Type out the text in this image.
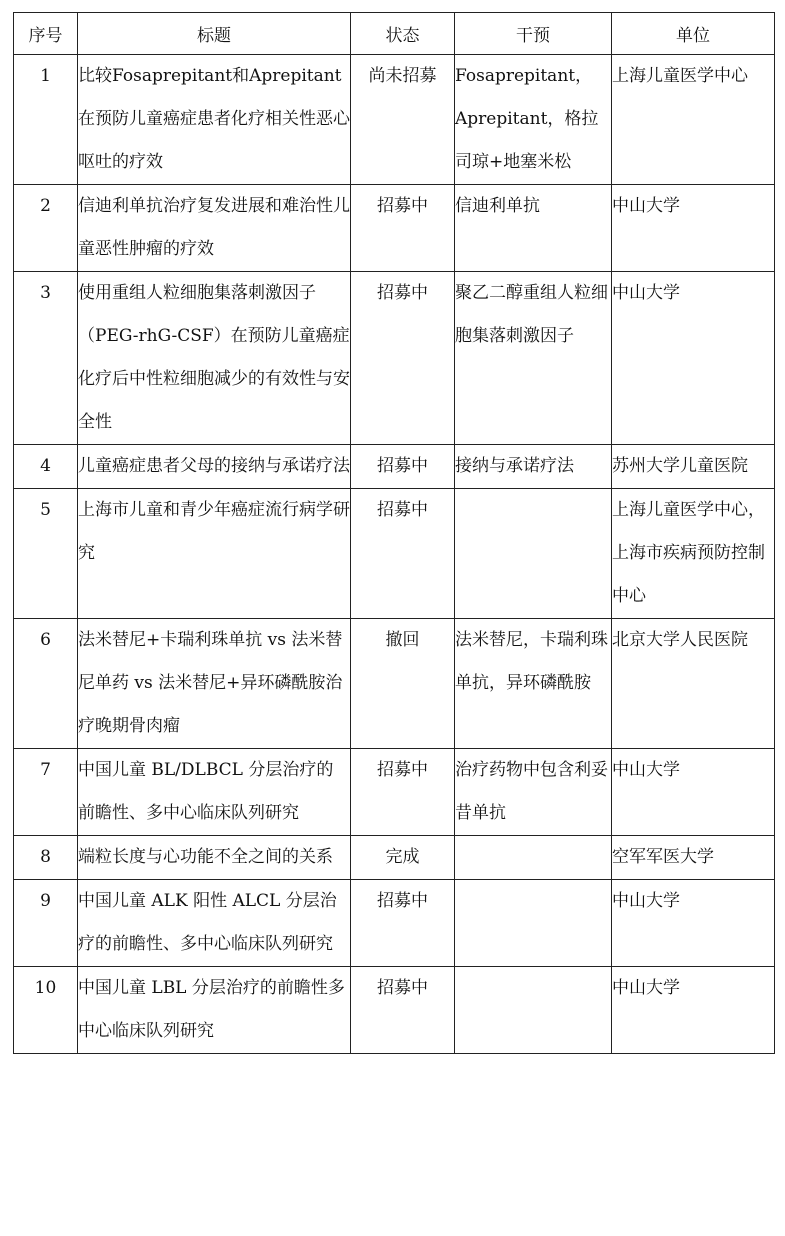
序号	标题	状态	干预	单位

1	比较Fosaprepitant和Aprepitant在预防儿童癌症患者化疗相关性恶心呕吐的疗效	尚未招募	Fosaprepitant，Aprepitant，格拉司琼+地塞米松	上海儿童医学中心

2	信迪利单抗治疗复发进展和难治性儿童恶性肿瘤的疗效	招募中	信迪利单抗	中山大学

3	使用重组人粒细胞集落刺激因子（PEG-rhG-CSF）在预防儿童癌症化疗后中性粒细胞减少的有效性与安全性	招募中	聚乙二醇重组人粒细胞集落刺激因子	中山大学

4	儿童癌症患者父母的接纳与承诺疗法	招募中	接纳与承诺疗法	苏州大学儿童医院

5	上海市儿童和青少年癌症流行病学研究	招募中		上海儿童医学中心，上海市疾病预防控制中心

6	法米替尼+卡瑞利珠单抗 vs 法米替尼单药 vs 法米替尼+异环磷酰胺治疗晚期骨肉瘤	撤回	法米替尼，卡瑞利珠单抗，异环磷酰胺	北京大学人民医院

7	中国儿童 BL/DLBCL 分层治疗的前瞻性、多中心临床队列研究	招募中	治疗药物中包含利妥昔单抗	中山大学

8	端粒长度与心功能不全之间的关系	完成		空军军医大学

9	中国儿童 ALK 阳性 ALCL 分层治疗的前瞻性、多中心临床队列研究	招募中		中山大学

10	中国儿童 LBL 分层治疗的前瞻性多中心临床队列研究	招募中		中山大学
